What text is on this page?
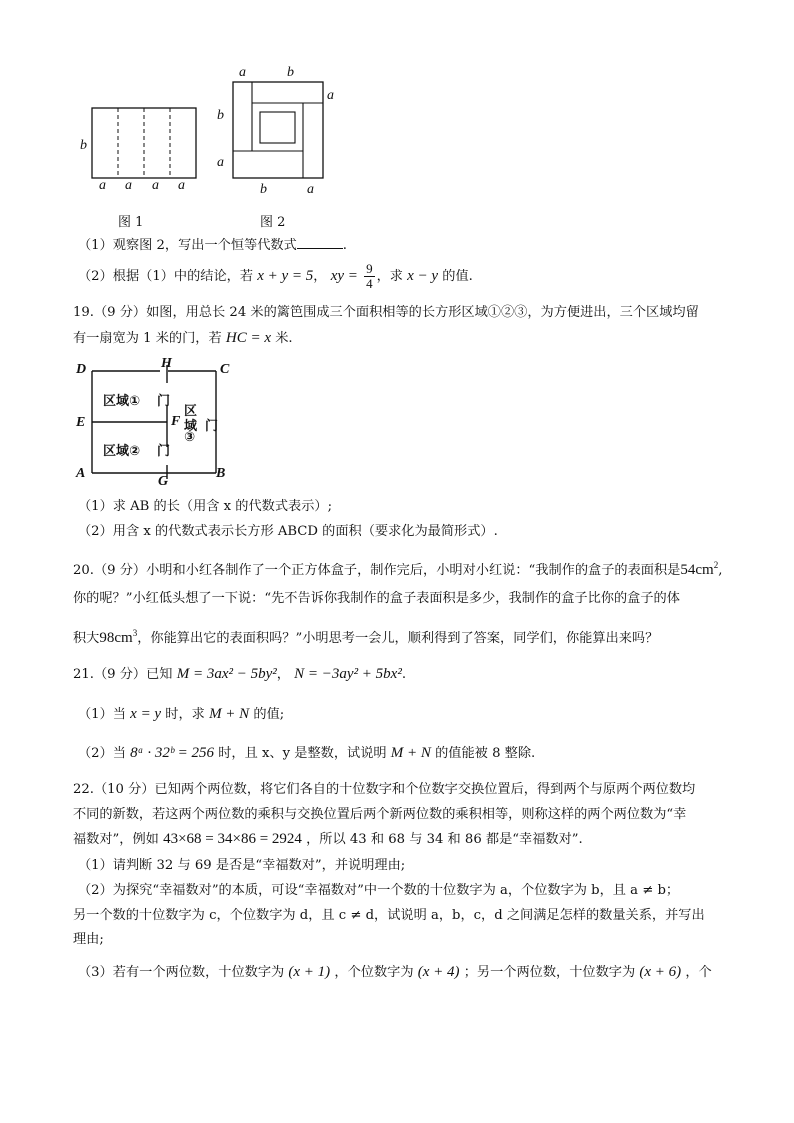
b
a a a a
图 1
a	b
a
b
a
b	a
图 2
（1）观察图 2，写出一个恒等代数式	.
（2）根据（1）中的结论，若 x + y = 5， xy = $\frac{9}{4}$ ，求 x − y 的值.
19.（9 分）如图，用总长 24 米的篱笆围成三个面积相等的长方形区域①②③，为方便进出，三个区域均留
有一扇宽为 1 米的门，若 HC = x 米.
D	H	C
E	F
A
G
B
区域① 门
区域② 门
区
域
③
门
（1）求 AB 的长（用含 x 的代数式表示）;
（2）用含 x 的代数式表示长方形 ABCD 的面积（要求化为最简形式）.
20.（9 分）小明和小红各制作了一个正方体盒子，制作完后，小明对小红说：“我制作的盒子的表面积是$54cm^2$,
你的呢？”小红低头想了一下说：“先不告诉你我制作的盒子表面积是多少，我制作的盒子比你的盒子的体
积大$98cm^3$，你能算出它的表面积吗？”小明思考一会儿，顺利得到了答案，同学们，你能算出来吗？
21.（9 分）已知 M = 3ax² − 5by²， N = −3ay² + 5bx².
（1）当 x = y 时，求 M + N 的值;
（2）当 8ᵃ · 32ᵇ = 256 时，且 x、y 是整数，试说明 M + N 的值能被 8 整除.
22.（10 分）已知两个两位数，将它们各自的十位数字和个位数字交换位置后，得到两个与原两个两位数均
不同的新数，若这两个两位数的乘积与交换位置后两个新两位数的乘积相等，则称这样的两个两位数为“幸
福数对”，例如 43×68 = 34×86 = 2924 ，所以 43 和 68 与 34 和 86 都是“幸福数对”.
（1）请判断 32 与 69 是否是“幸福数对”，并说明理由;
（2）为探究“幸福数对”的本质，可设“幸福数对”中一个数的十位数字为 a，个位数字为 b，且 a ≠ b；
另一个数的十位数字为 c，个位数字为 d，且 c ≠ d，试说明 a，b，c，d 之间满足怎样的数量关系，并写出
理由;
（3）若有一个两位数，十位数字为 (x + 1) ，个位数字为 (x + 4) ；另一个两位数，十位数字为 (x + 6) ，个
